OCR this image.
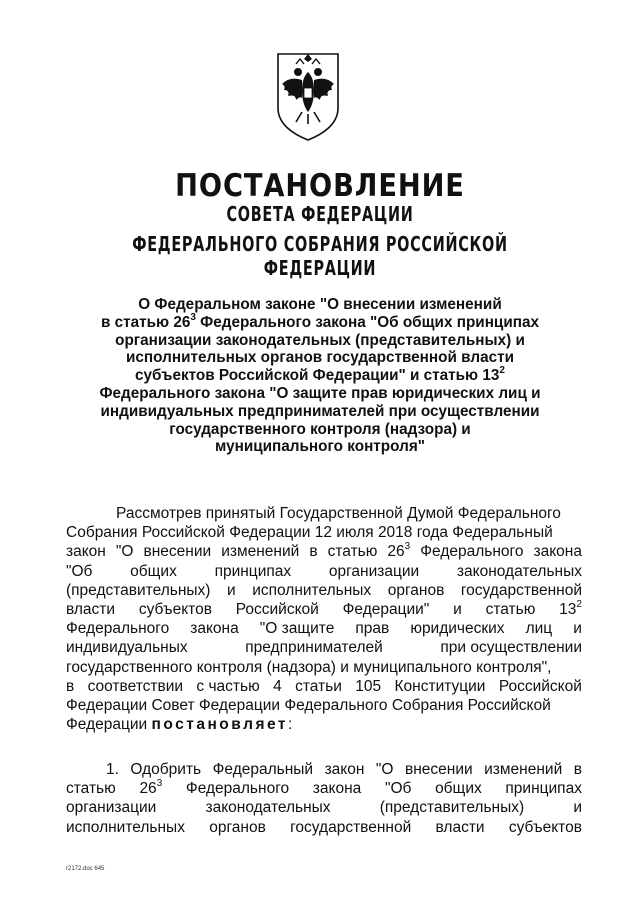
ПОСТАНОВЛЕНИЕ
СОВЕТА ФЕДЕРАЦИИ
ФЕДЕРАЛЬНОГО СОБРАНИЯ РОССИЙСКОЙ ФЕДЕРАЦИИ
О Федеральном законе "О внесении изменений
в статью $26^3$ Федерального закона "Об общих принципах
организации законодательных (представительных) и
исполнительных органов государственной власти
субъектов Российской Федерации" и статью $13^2$
Федерального закона "О защите прав юридических лиц и
индивидуальных предпринимателей при осуществлении
государственного контроля (надзора) и
муниципального контроля"
Рассмотрев принятый Государственной Думой Федерального
Собрания Российской Федерации 12 июля 2018 года Федеральный
закон "О внесении изменений в статью $26^3$ Федерального закона
"Об общих принципах организации законодательных
(представительных) и исполнительных органов государственной
власти субъектов Российской Федерации" и статью $13^2$
Федерального закона "О защите прав юридических лиц и
индивидуальных	предпринимателей	при осуществлении
государственного контроля (надзора) и муниципального контроля",
в соответствии с частью 4 статьи 105 Конституции Российской
Федерации Совет Федерации Федерального Собрания Российской
Федерации постановляет:
1. Одобрить Федеральный закон "О внесении изменений в
статью $26^3$ Федерального закона "Об общих принципах
организации	законодательных	(представительных)	и
исполнительных органов государственной власти субъектов
r2172.doc 645
